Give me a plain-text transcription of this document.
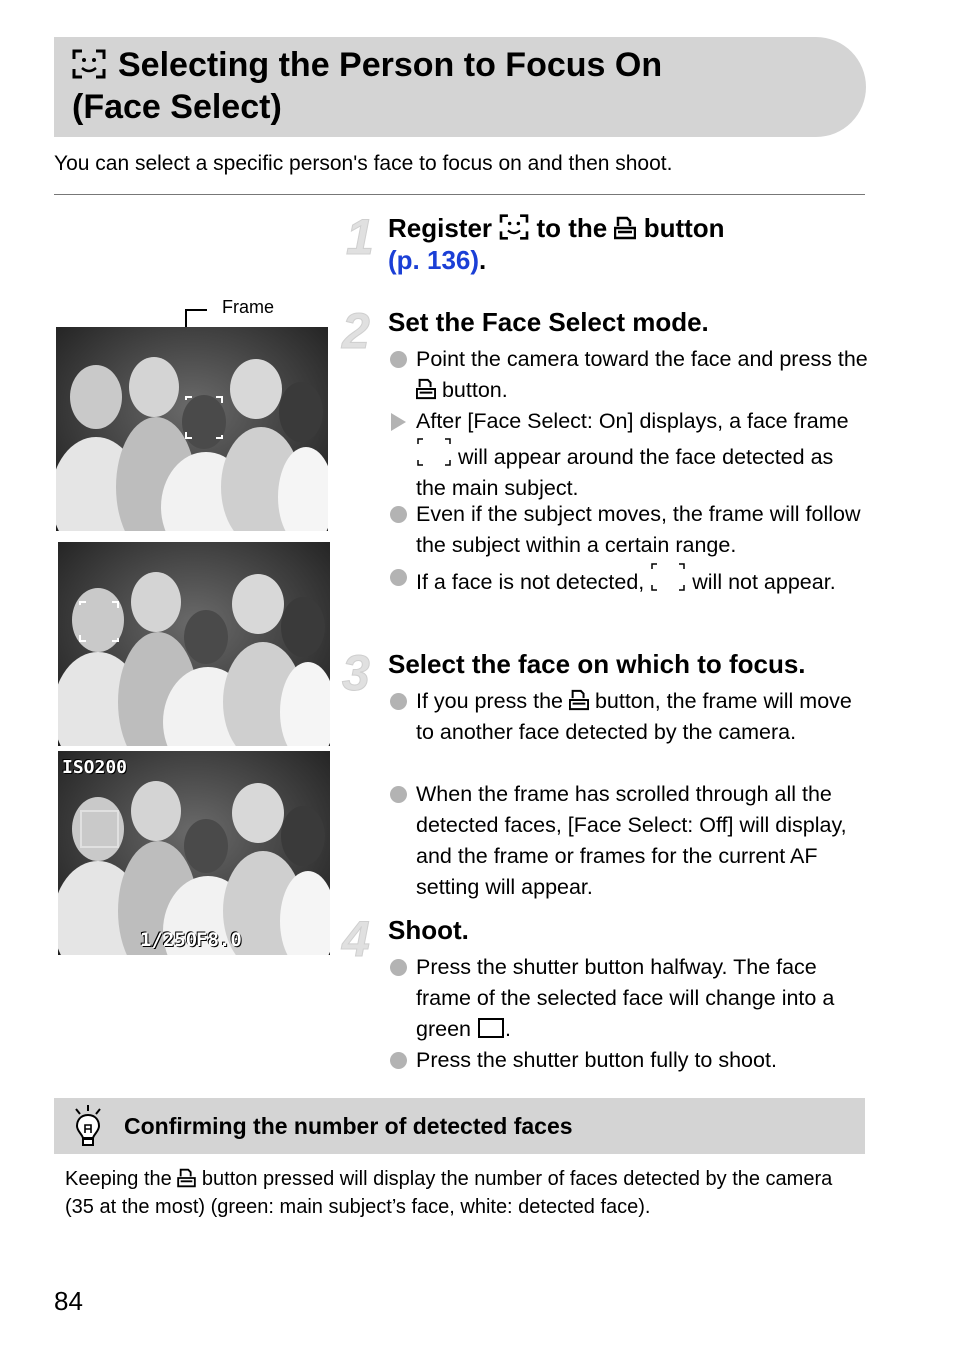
Selecting the Person to Focus On
(Face Select)
You can select a specific person's face to focus on and then shoot.
Frame
ISO200
1/250
F8.0
1 Register  to the  button
(p. 136).
2 Set the Face Select mode.
Point the camera toward the face and press the  button.
After [Face Select: On] displays, a face frame  will appear around the face detected as the main subject.
Even if the subject moves, the frame will follow the subject within a certain range.
If a face is not detected,  will not appear.
3 Select the face on which to focus.
If you press the  button, the frame will move to another face detected by the camera.
When the frame has scrolled through all the detected faces, [Face Select: Off] will display, and the frame or frames for the current AF setting will appear.
4 Shoot.
Press the shutter button halfway. The face frame of the selected face will change into a green .
Press the shutter button fully to shoot.
Confirming the number of detected faces
Keeping the  button pressed will display the number of faces detected by the camera (35 at the most) (green: main subject’s face, white: detected face).
84
